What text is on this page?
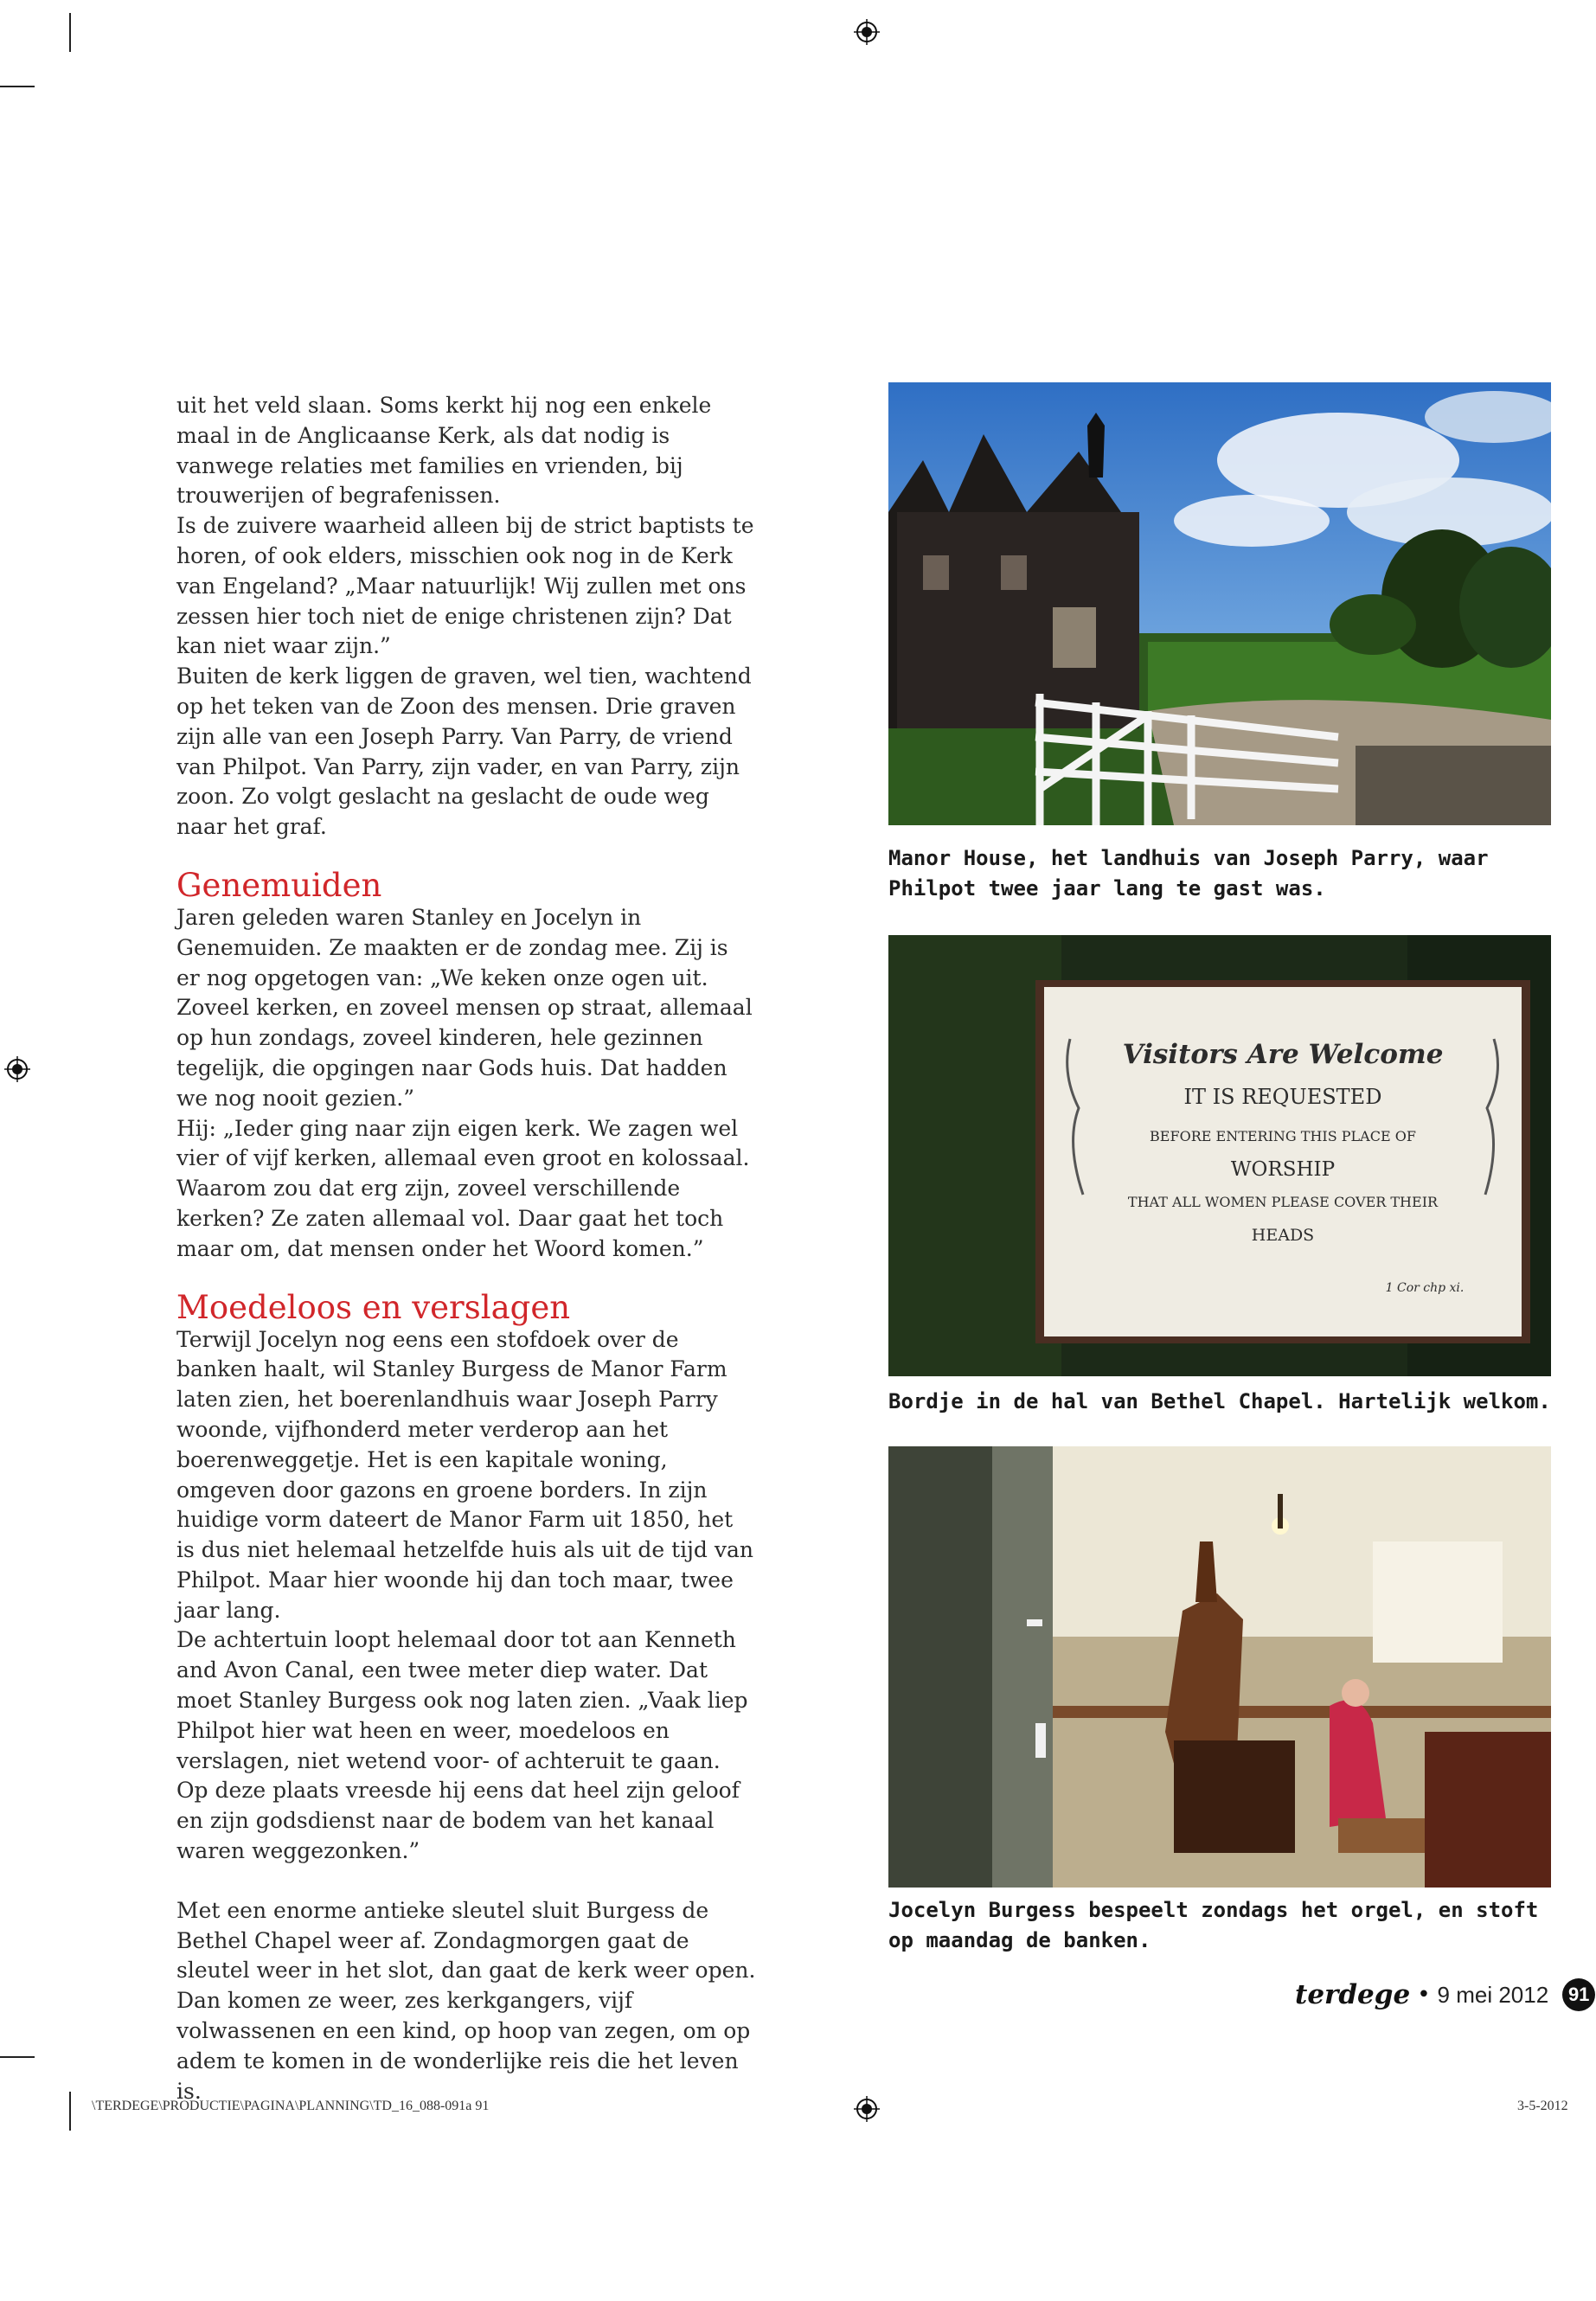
uit het veld slaan. Soms kerkt hij nog een enkele maal in de Anglicaanse Kerk, als dat nodig is vanwege relaties met families en vrienden, bij trouwerijen of begrafenissen.

Is de zuivere waarheid alleen bij de strict baptists te horen, of ook elders, misschien ook nog in de Kerk van Engeland? „Maar natuurlijk! Wij zullen met ons zessen hier toch niet de enige christenen zijn? Dat kan niet waar zijn.”

Buiten de kerk liggen de graven, wel tien, wachtend op het teken van de Zoon des mensen. Drie graven zijn alle van een Joseph Parry. Van Parry, de vriend van Philpot. Van Parry, zijn vader, en van Parry, zijn zoon. Zo volgt geslacht na geslacht de oude weg naar het graf.

Genemuiden

Jaren geleden waren Stanley en Jocelyn in Genemuiden. Ze maakten er de zondag mee. Zij is er nog opgetogen van: „We keken onze ogen uit. Zoveel kerken, en zoveel mensen op straat, allemaal op hun zondags, zoveel kinderen, hele gezinnen tegelijk, die opgingen naar Gods huis. Dat hadden we nog nooit gezien.”

Hij: „Ieder ging naar zijn eigen kerk. We zagen wel vier of vijf kerken, allemaal even groot en kolossaal. Waarom zou dat erg zijn, zoveel verschillende kerken? Ze zaten allemaal vol. Daar gaat het toch maar om, dat mensen onder het Woord komen.”

Moedeloos en verslagen

Terwijl Jocelyn nog eens een stofdoek over de banken haalt, wil Stanley Burgess de Manor Farm laten zien, het boerenlandhuis waar Joseph Parry woonde, vijfhonderd meter verderop aan het boerenweggetje. Het is een kapitale woning, omgeven door gazons en groene borders. In zijn huidige vorm dateert de Manor Farm uit 1850, het is dus niet helemaal hetzelfde huis als uit de tijd van Philpot. Maar hier woonde hij dan toch maar, twee jaar lang.

De achtertuin loopt helemaal door tot aan Kenneth and Avon Canal, een twee meter diep water. Dat moet Stanley Burgess ook nog laten zien. „Vaak liep Philpot hier wat heen en weer, moedeloos en verslagen, niet wetend voor- of achteruit te gaan. Op deze plaats vreesde hij eens dat heel zijn geloof en zijn godsdienst naar de bodem van het kanaal waren weggezonken.”

Met een enorme antieke sleutel sluit Burgess de Bethel Chapel weer af. Zondagmorgen gaat de sleutel weer in het slot, dan gaat de kerk weer open. Dan komen ze weer, zes kerkgangers, vijf volwassenen en een kind, op hoop van zegen, om op adem te komen in de wonderlijke reis die het leven is.

Manor House, het landhuis van Joseph Parry, waar Philpot twee jaar lang te gast was.
Visitors Are Welcome
IT IS REQUESTED
BEFORE ENTERING THIS PLACE OF
WORSHIP
THAT ALL WOMEN PLEASE COVER THEIR
HEADS
1 Cor chp xi.
Bordje in de hal van Bethel Chapel. Hartelijk welkom.
Jocelyn Burgess bespeelt zondags het orgel, en stoft op maandag de banken.
terdege • 9 mei 2012	91
\TERDEGE\PRODUCTIE\PAGINA\PLANNING\TD_16_088-091a 91	3-5-2012
